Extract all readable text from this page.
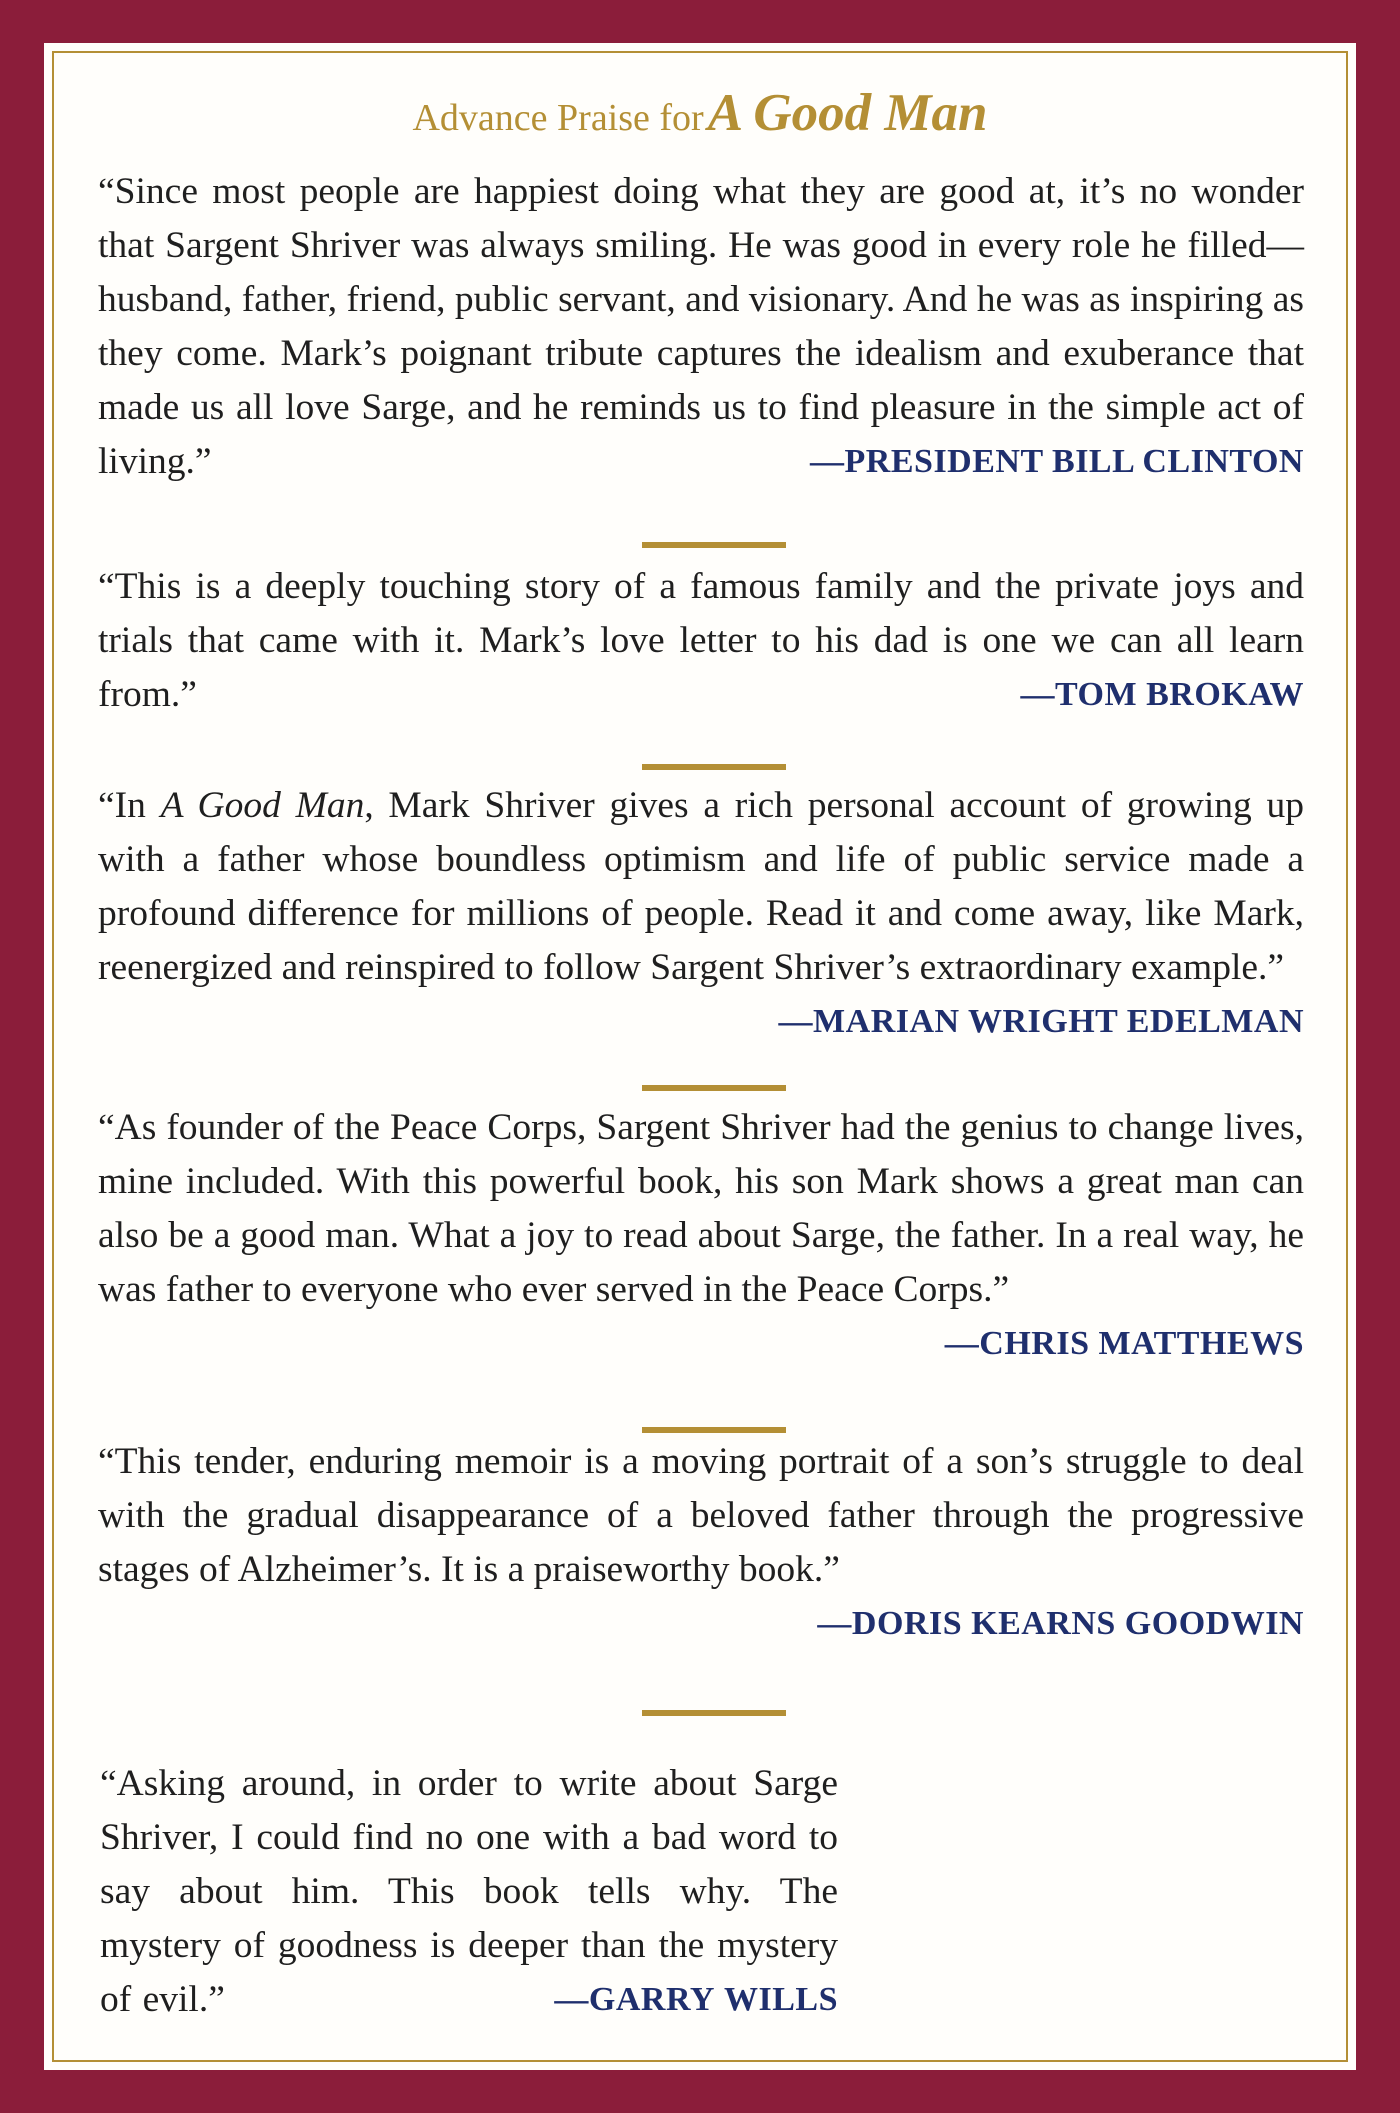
Advance Praise for A Good Man

“Since most people are happiest doing what they are good at, it’s no wonder that Sargent Shriver was always smiling. He was good in every role he filled—husband, father, friend, public servant, and visionary. And he was as inspiring as they come. Mark’s poignant tribute captures the idealism and exuberance that made us all love Sarge, and he reminds us to find pleasure in the simple act of living.”	—PRESIDENT BILL CLINTON

“This is a deeply touching story of a famous family and the private joys and trials that came with it. Mark’s love letter to his dad is one we can all learn from.”	—TOM BROKAW

“In A Good Man, Mark Shriver gives a rich personal account of growing up with a father whose boundless optimism and life of public service made a profound difference for millions of people. Read it and come away, like Mark, reenergized and reinspired to follow Sargent Shriver’s extraordinary example.”
—MARIAN WRIGHT EDELMAN

“As founder of the Peace Corps, Sargent Shriver had the genius to change lives, mine included. With this powerful book, his son Mark shows a great man can also be a good man. What a joy to read about Sarge, the father. In a real way, he was father to everyone who ever served in the Peace Corps.”
—CHRIS MATTHEWS

“This tender, enduring memoir is a moving portrait of a son’s struggle to deal with the gradual disappearance of a beloved father through the progressive stages of Alzheimer’s. It is a praiseworthy book.”
—DORIS KEARNS GOODWIN

“Asking around, in order to write about Sarge Shriver, I could find no one with a bad word to say about him. This book tells why. The mystery of goodness is deeper than the mystery of evil.”	—GARRY WILLS
